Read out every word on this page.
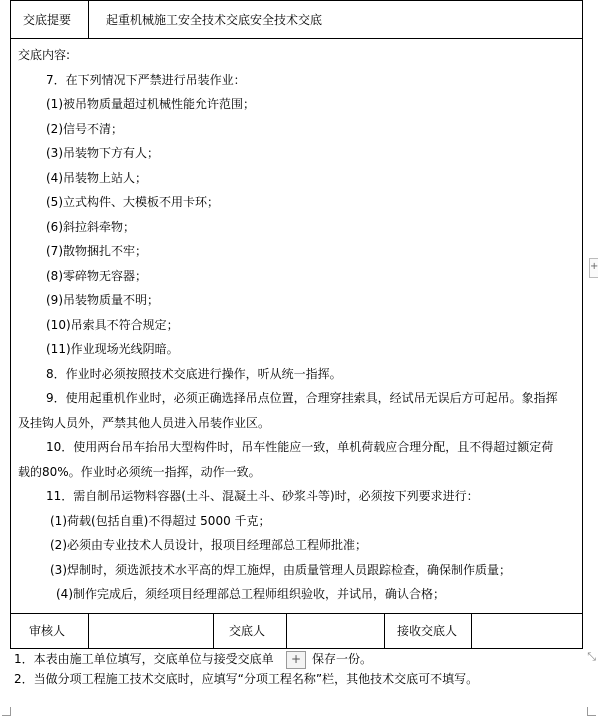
交底提要	起重机械施工安全技术交底安全技术交底
交底内容:
7．在下列情况下严禁进行吊装作业：
(1)被吊物质量超过机械性能允许范围；
(2)信号不清；
(3)吊装物下方有人；
(4)吊装物上站人；
(5)立式构件、大模板不用卡环；
(6)斜拉斜牵物；
(7)散物捆扎不牢；
(8)零碎物无容器；
(9)吊装物质量不明；
(10)吊索具不符合规定；
(11)作业现场光线阴暗。
8．作业时必须按照技术交底进行操作，听从统一指挥。
9．使用起重机作业时，必须正确选择吊点位置，合理穿挂索具，经试吊无误后方可起吊。象指挥
及挂钩人员外，严禁其他人员进入吊装作业区。
10．使用两台吊车抬吊大型构件时，吊车性能应一致，单机荷载应合理分配，且不得超过额定荷
载的80%。作业时必须统一指挥，动作一致。
11．需自制吊运物料容器(土斗、混凝土斗、砂浆斗等)时，必须按下列要求进行：
(1)荷载(包括自重)不得超过 5000 千克；
(2)必须由专业技术人员设计，报项目经理部总工程师批准；
(3)焊制时，须选派技术水平高的焊工施焊，由质量管理人员跟踪检查，确保制作质量；
(4)制作完成后，须经项目经理部总工程师组织验收，并试吊，确认合格；
审核人	交底人	接收交底人
1．本表由施工单位填写，交底单位与接受交底单	+ 保存一份。
2．当做分项工程施工技术交底时，应填写“分项工程名称”栏，其他技术交底可不填写。
+
⤡
